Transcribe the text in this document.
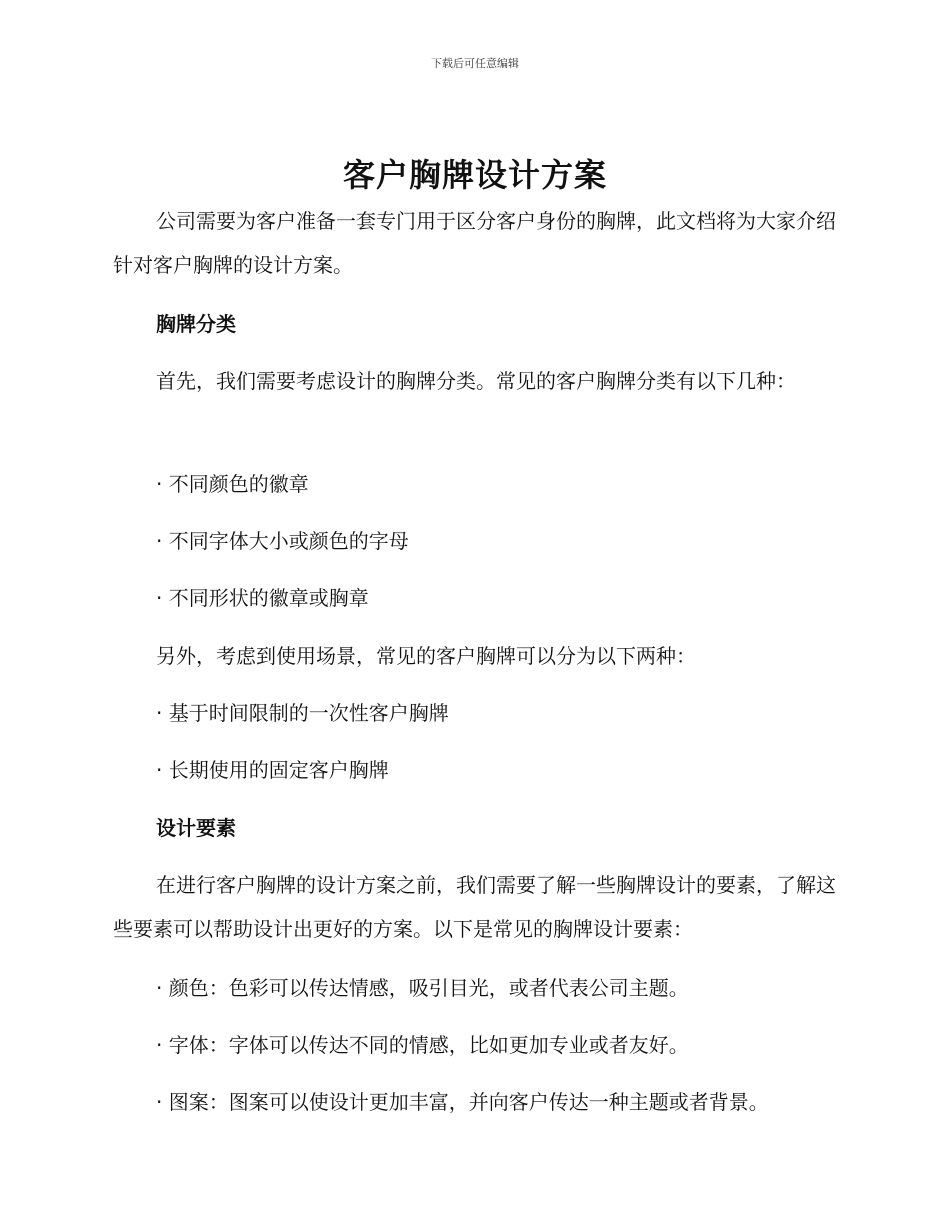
下载后可任意编辑
客户胸牌设计方案

公司需要为客户准备一套专门用于区分客户身份的胸牌，此文档将为大家介绍针对客户胸牌的设计方案。

胸牌分类

首先，我们需要考虑设计的胸牌分类。常见的客户胸牌分类有以下几种：

· 不同颜色的徽章

· 不同字体大小或颜色的字母

· 不同形状的徽章或胸章

另外，考虑到使用场景，常见的客户胸牌可以分为以下两种：

· 基于时间限制的一次性客户胸牌

· 长期使用的固定客户胸牌

设计要素

在进行客户胸牌的设计方案之前，我们需要了解一些胸牌设计的要素，了解这些要素可以帮助设计出更好的方案。以下是常见的胸牌设计要素：

· 颜色：色彩可以传达情感，吸引目光，或者代表公司主题。

· 字体：字体可以传达不同的情感，比如更加专业或者友好。

· 图案：图案可以使设计更加丰富，并向客户传达一种主题或者背景。
